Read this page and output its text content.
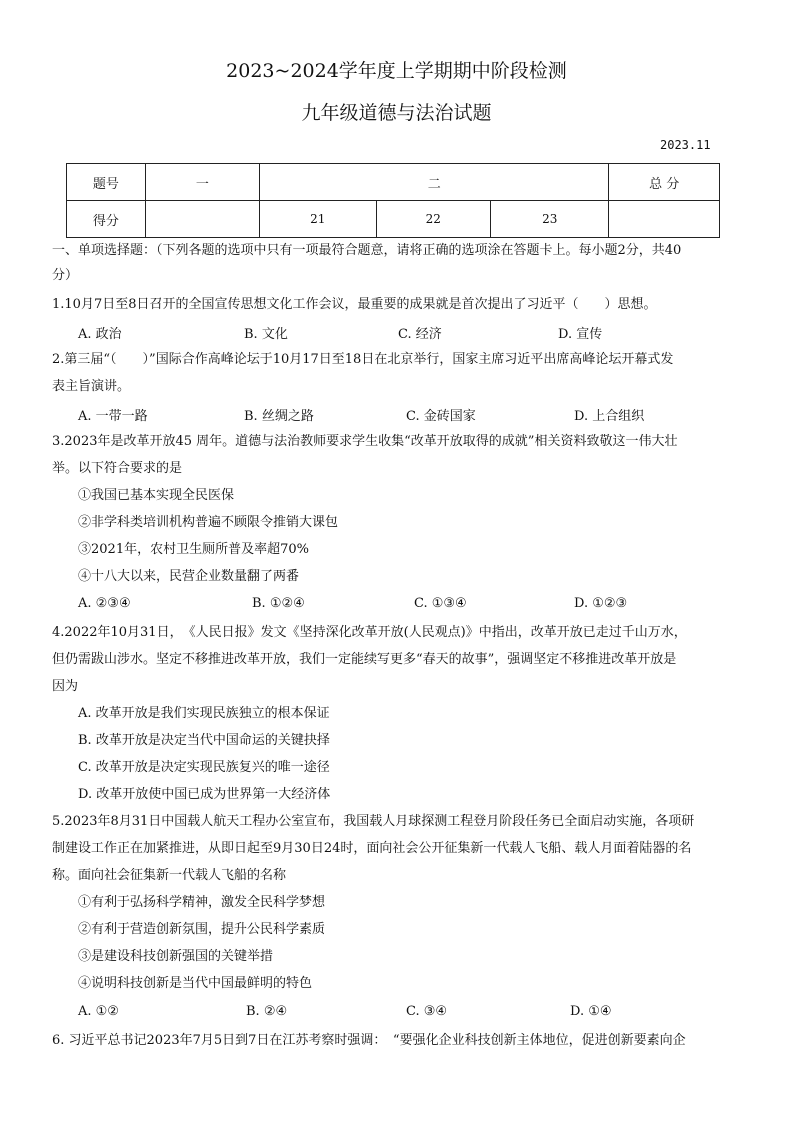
2023~2024学年度上学期期中阶段检测
九年级道德与法治试题
2023.11
题号	一	二			总 分
得分		21	22	23	
一、单项选择题：（下列各题的选项中只有一项最符合题意，请将正确的选项涂在答题卡上。每小题2分，共40
分）
1.10月7日至8日召开的全国宣传思想文化工作会议，最重要的成果就是首次提出了习近平（　　）思想。
A. 政治	B. 文化	C. 经济	D. 宣传
2.第三届“（　　）”国际合作高峰论坛于10月17日至18日在北京举行，国家主席习近平出席高峰论坛开幕式发
表主旨演讲。
A. 一带一路	B. 丝绸之路	C. 金砖国家	D. 上合组织
3.2023年是改革开放45 周年。道德与法治教师要求学生收集“改革开放取得的成就”相关资料致敬这一伟大壮
举。以下符合要求的是
①我国已基本实现全民医保
②非学科类培训机构普遍不顾限令推销大课包
③2021年，农村卫生厕所普及率超70%
④十八大以来，民营企业数量翻了两番
A. ②③④	B. ①②④	C. ①③④	D. ①②③
4.2022年10月31日，　《人民日报》发文《坚持深化改革开放(人民观点)》中指出，改革开放已走过千山万水，
但仍需跋山涉水。坚定不移推进改革开放，我们一定能续写更多“春天的故事”，强调坚定不移推进改革开放是
因为
A. 改革开放是我们实现民族独立的根本保证
B. 改革开放是决定当代中国命运的关键抉择
C. 改革开放是决定实现民族复兴的唯一途径
D. 改革开放使中国已成为世界第一大经济体
5.2023年8月31日中国载人航天工程办公室宣布，我国载人月球探测工程登月阶段任务已全面启动实施，各项研
制建设工作正在加紧推进，从即日起至9月30日24时，面向社会公开征集新一代载人飞船、载人月面着陆器的名
称。面向社会征集新一代载人飞船的名称
①有利于弘扬科学精神，激发全民科学梦想
②有利于营造创新氛围，提升公民科学素质
③是建设科技创新强国的关键举措
④说明科技创新是当代中国最鲜明的特色
A. ①②	B. ②④	C. ③④	D. ①④
6. 习近平总书记2023年7月5日到7日在江苏考察时强调：　“要强化企业科技创新主体地位，促进创新要素向企
